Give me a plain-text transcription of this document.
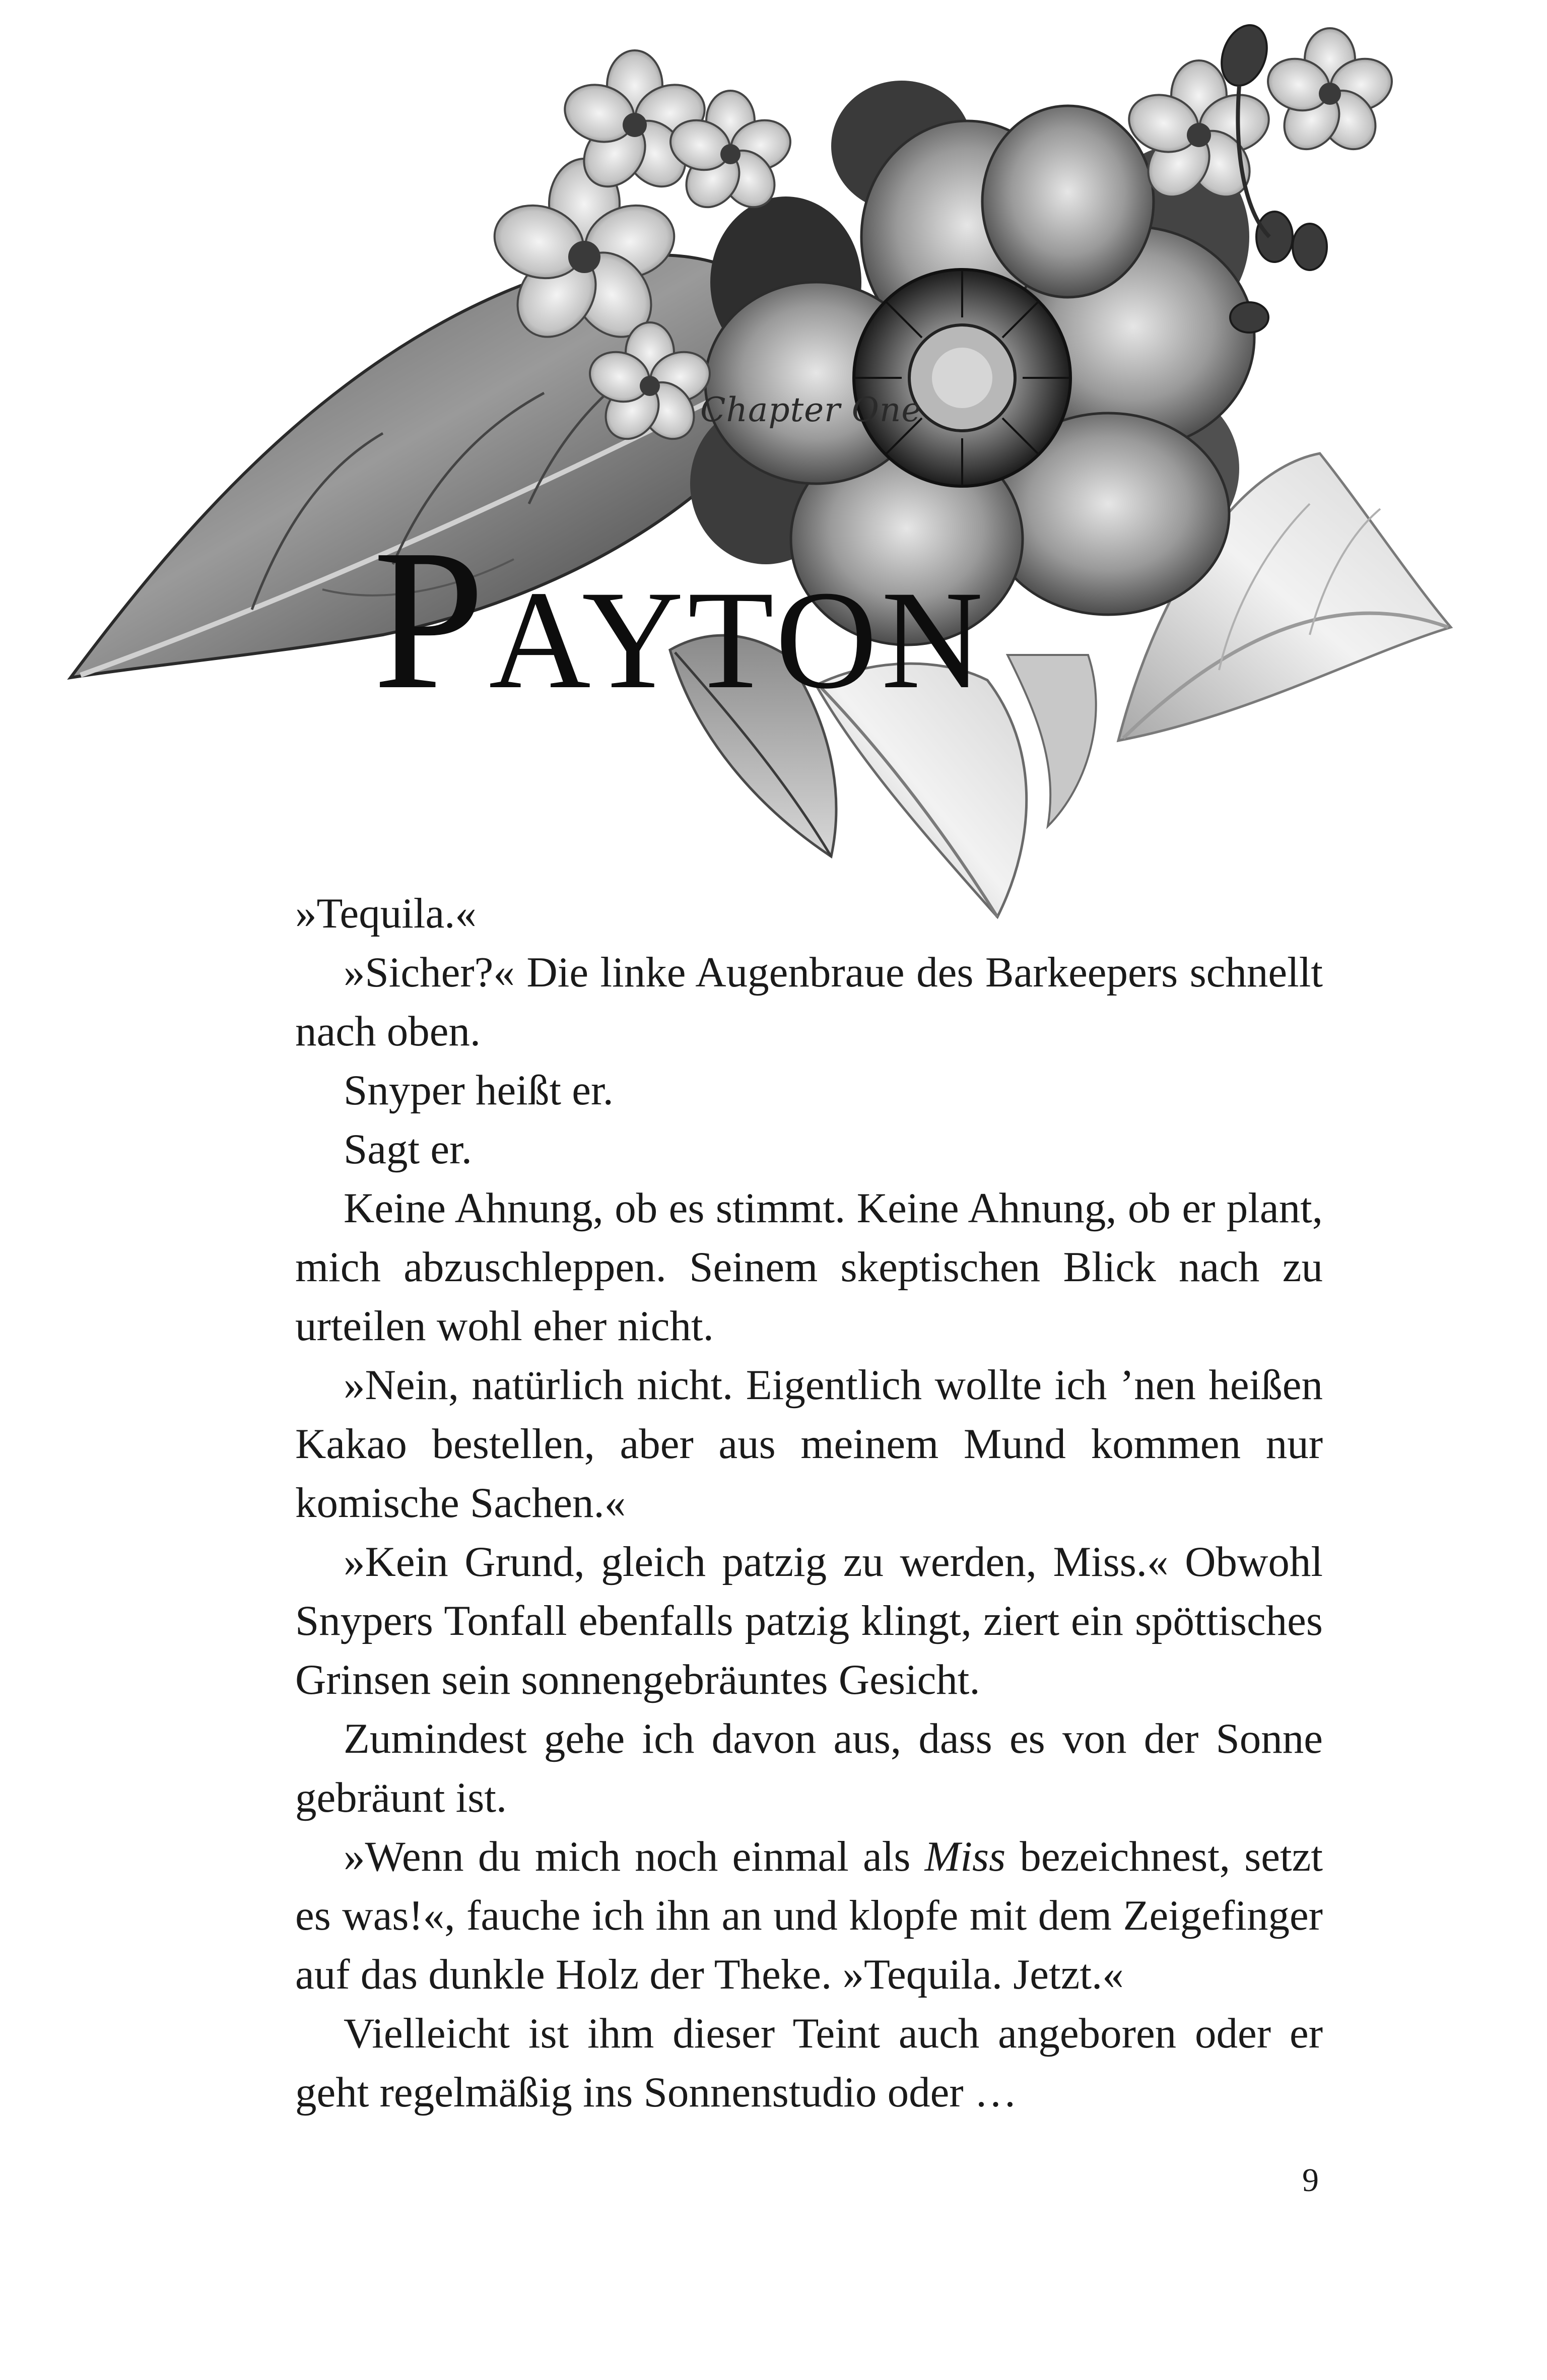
Chapter One
Payton

»Tequila.«

»Sicher?« Die linke Augenbraue des Barkeepers schnellt nach oben.

Snyper heißt er.

Sagt er.

Keine Ahnung, ob es stimmt. Keine Ahnung, ob er plant, mich abzuschleppen. Seinem skeptischen Blick nach zu urteilen wohl eher nicht.

»Nein, natürlich nicht. Eigentlich wollte ich ’nen heißen Kakao bestellen, aber aus meinem Mund kommen nur komische Sachen.«

»Kein Grund, gleich patzig zu werden, Miss.« Obwohl Snypers Tonfall ebenfalls patzig klingt, ziert ein spöttisches Grinsen sein sonnengebräuntes Gesicht.

Zumindest gehe ich davon aus, dass es von der Sonne gebräunt ist.

»Wenn du mich noch einmal als Miss bezeichnest, setzt es was!«, fauche ich ihn an und klopfe mit dem Zeigefinger auf das dunkle Holz der Theke. »Tequila. Jetzt.«

Vielleicht ist ihm dieser Teint auch angeboren oder er geht regelmäßig ins Sonnenstudio oder …

9
